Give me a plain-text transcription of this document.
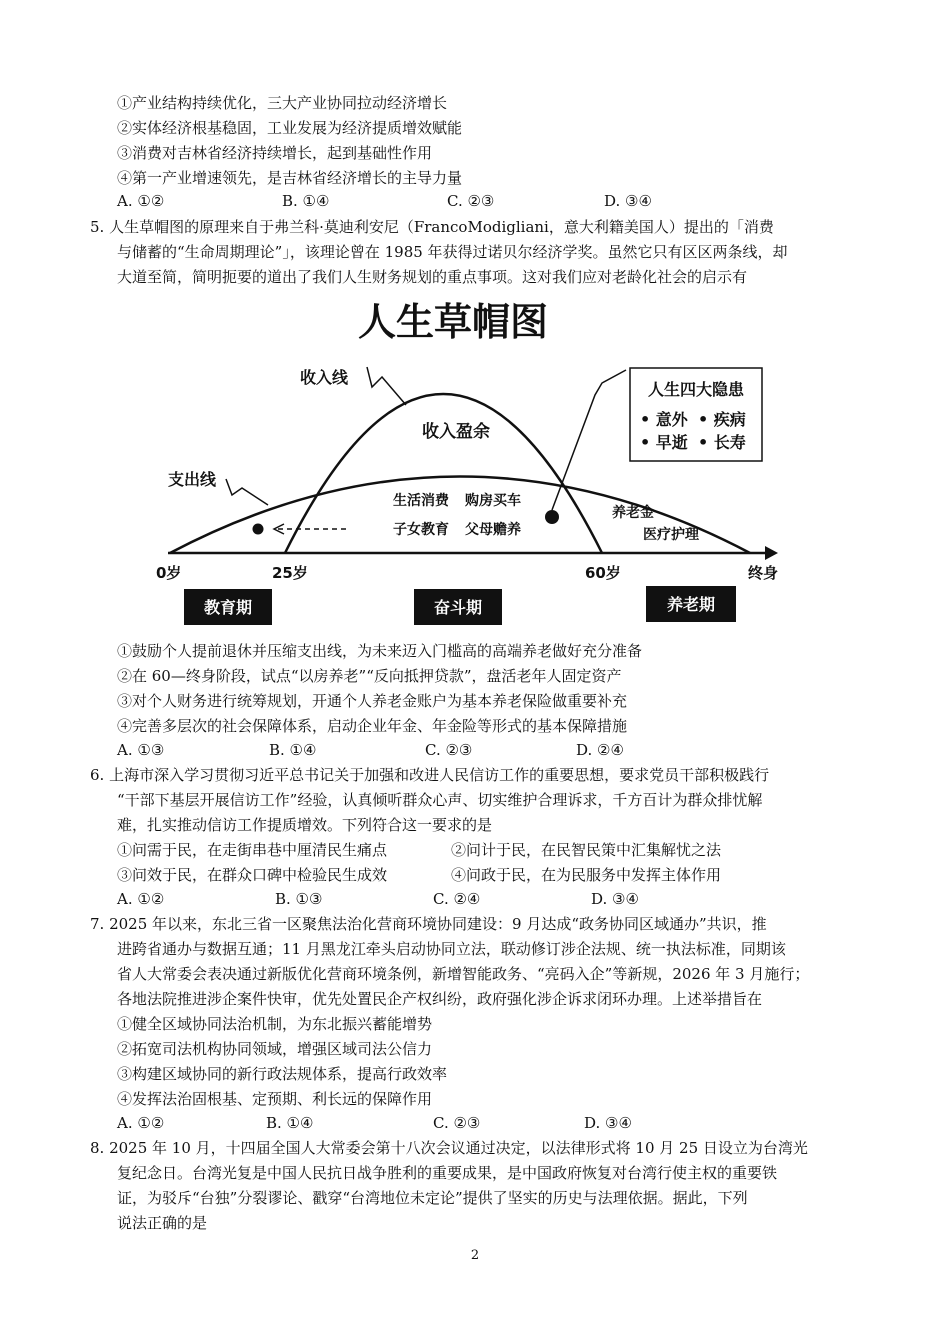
①产业结构持续优化，三大产业协同拉动经济增长
②实体经济根基稳固，工业发展为经济提质增效赋能
③消费对吉林省经济持续增长，起到基础性作用
④第一产业增速领先，是吉林省经济增长的主导力量
A. ①②	B. ①④	C. ②③	D. ③④
5. 人生草帽图的原理来自于弗兰科·莫迪利安尼（FrancoModigliani，意大利籍美国人）提出的「消费
与储蓄的“生命周期理论”」，该理论曾在 1985 年获得过诺贝尔经济学奖。虽然它只有区区两条线，却
大道至简，简明扼要的道出了我们人生财务规划的重点事项。这对我们应对老龄化社会的启示有
人生草帽图
收入线
收入盈余
支出线
生活消费 购房买车
子女教育 父母赡养
人生四大隐患
• 意外 • 疾病
• 早逝 • 长寿
养老金
医疗护理
0岁	25岁	60岁	终身
教育期	奋斗期	养老期
①鼓励个人提前退休并压缩支出线，为未来迈入门槛高的高端养老做好充分准备
②在 60—终身阶段，试点“以房养老”“反向抵押贷款”，盘活老年人固定资产
③对个人财务进行统筹规划，开通个人养老金账户为基本养老保险做重要补充
④完善多层次的社会保障体系，启动企业年金、年金险等形式的基本保障措施
A. ①③	B. ①④	C. ②③	D. ②④
6. 上海市深入学习贯彻习近平总书记关于加强和改进人民信访工作的重要思想，要求党员干部积极践行
“干部下基层开展信访工作”经验，认真倾听群众心声、切实维护合理诉求，千方百计为群众排忧解
难，扎实推动信访工作提质增效。下列符合这一要求的是
①问需于民，在走街串巷中厘清民生痛点	②问计于民，在民智民策中汇集解忧之法
③问效于民，在群众口碑中检验民生成效	④问政于民，在为民服务中发挥主体作用
A. ①②	B. ①③	C. ②④	D. ③④
7. 2025 年以来，东北三省一区聚焦法治化营商环境协同建设：9 月达成“政务协同区域通办”共识，推
进跨省通办与数据互通；11 月黑龙江牵头启动协同立法，联动修订涉企法规、统一执法标准，同期该
省人大常委会表决通过新版优化营商环境条例，新增智能政务、“亮码入企”等新规，2026 年 3 月施行；
各地法院推进涉企案件快审，优先处置民企产权纠纷，政府强化涉企诉求闭环办理。上述举措旨在
①健全区域协同法治机制，为东北振兴蓄能增势
②拓宽司法机构协同领域，增强区域司法公信力
③构建区域协同的新行政法规体系，提高行政效率
④发挥法治固根基、定预期、利长远的保障作用
A. ①②	B. ①④	C. ②③	D. ③④
8. 2025 年 10 月，十四届全国人大常委会第十八次会议通过决定，以法律形式将 10 月 25 日设立为台湾光
复纪念日。台湾光复是中国人民抗日战争胜利的重要成果，是中国政府恢复对台湾行使主权的重要铁
证，为驳斥“台独”分裂谬论、戳穿“台湾地位未定论”提供了坚实的历史与法理依据。据此，下列
说法正确的是
2
